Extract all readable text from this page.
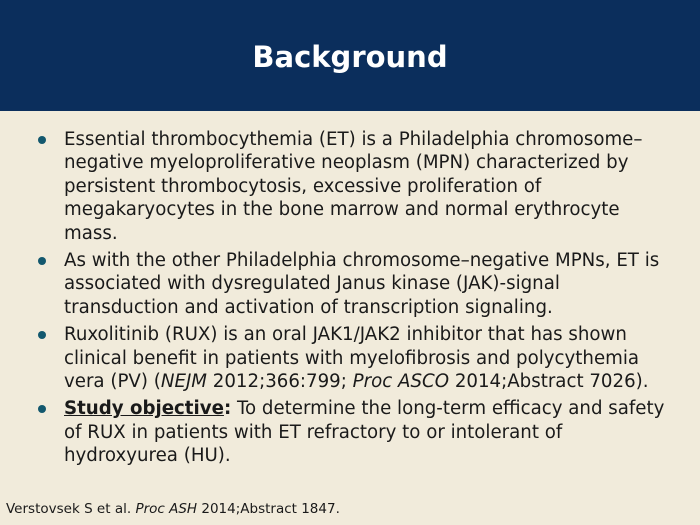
Background
Essential thrombocythemia (ET) is a Philadelphia chromosome–negative myeloproliferative neoplasm (MPN) characterized by persistent thrombocytosis, excessive proliferation of megakaryocytes in the bone marrow and normal erythrocyte mass.
As with the other Philadelphia chromosome–negative MPNs, ET is associated with dysregulated Janus kinase (JAK)-signal transduction and activation of transcription signaling.
Ruxolitinib (RUX) is an oral JAK1/JAK2 inhibitor that has shown clinical benefit in patients with myelofibrosis and polycythemia vera (PV) (NEJM 2012;366:799; Proc ASCO 2014;Abstract 7026).
Study objective: To determine the long-term efficacy and safety of RUX in patients with ET refractory to or intolerant of hydroxyurea (HU).
Verstovsek S et al. Proc ASH 2014;Abstract 1847.
